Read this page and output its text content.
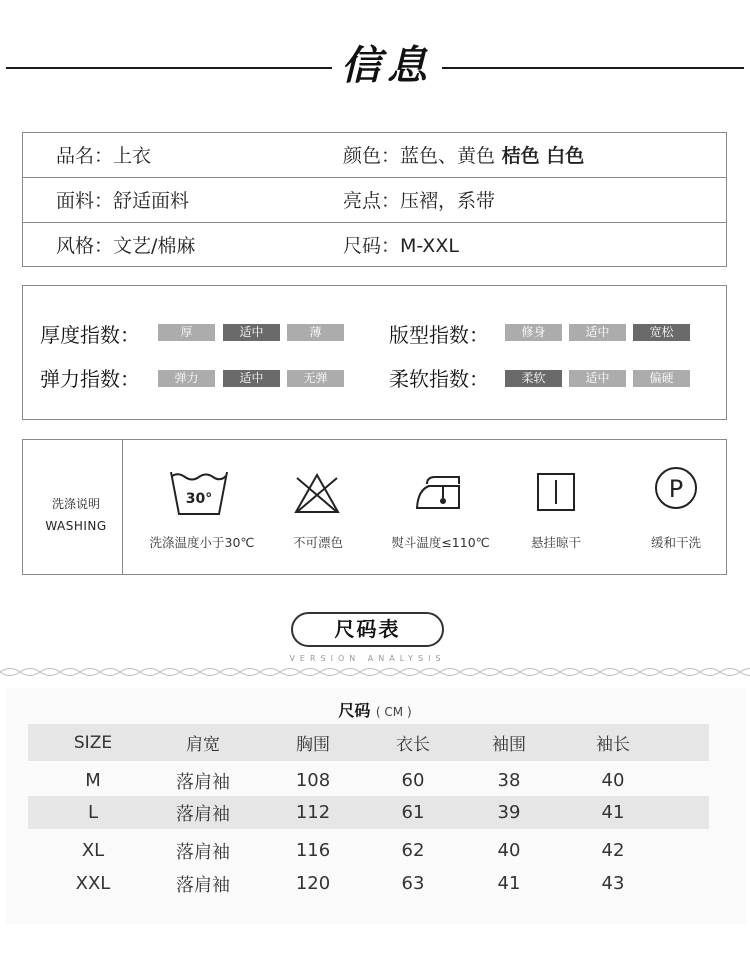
信息
品名：上衣	颜色：蓝色、黄色 桔色 白色
面料：舒适面料	亮点：压褶，系带
风格：文艺/棉麻	尺码：M-XXL
厚度指数：	厚	适中	薄	版型指数：	修身	适中	宽松
弹力指数：	弹力	适中	无弹	柔软指数：	柔软	适中	偏硬
洗涤说明
WASHING
30°
洗涤温度小于30℃	不可漂色	熨斗温度≤110℃	悬挂晾干
P
缓和干洗
尺码表
VERSION ANALYSIS
尺码 ( CM )
SIZE	肩宽	胸围	衣长	袖围	袖长
M	落肩袖	108	60	38	40
L	落肩袖	112	61	39	41
XL	落肩袖	116	62	40	42
XXL	落肩袖	120	63	41	43
